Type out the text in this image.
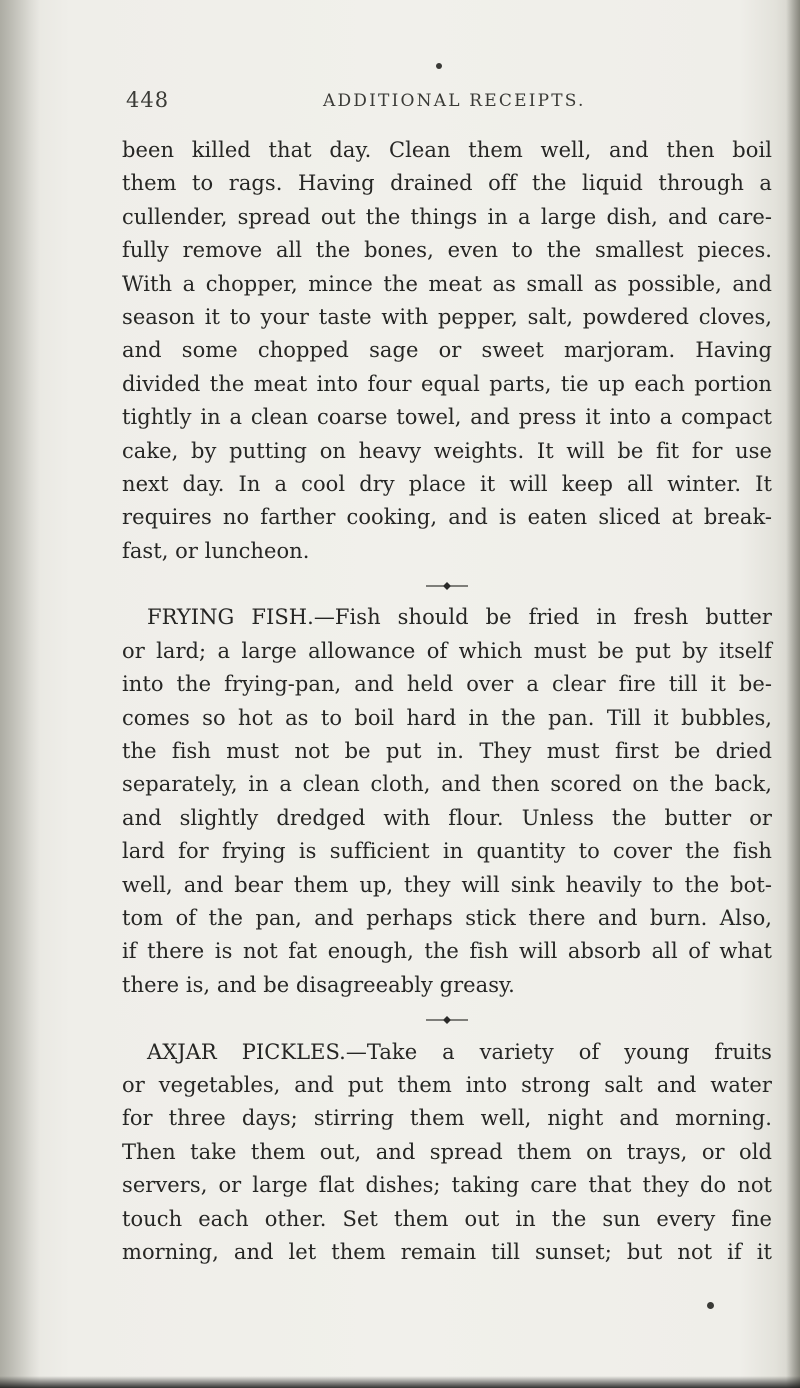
448	ADDITIONAL RECEIPTS.
been killed that day. Clean them well, and then boil
them to rags. Having drained off the liquid through a
cullender, spread out the things in a large dish, and care-
fully remove all the bones, even to the smallest pieces.
With a chopper, mince the meat as small as possible, and
season it to your taste with pepper, salt, powdered cloves,
and some chopped sage or sweet marjoram. Having
divided the meat into four equal parts, tie up each portion
tightly in a clean coarse towel, and press it into a compact
cake, by putting on heavy weights. It will be fit for use
next day. In a cool dry place it will keep all winter. It
requires no farther cooking, and is eaten sliced at break-
fast, or luncheon.
FRYING FISH.—Fish should be fried in fresh butter
or lard; a large allowance of which must be put by itself
into the frying-pan, and held over a clear fire till it be-
comes so hot as to boil hard in the pan. Till it bubbles,
the fish must not be put in. They must first be dried
separately, in a clean cloth, and then scored on the back,
and slightly dredged with flour. Unless the butter or
lard for frying is sufficient in quantity to cover the fish
well, and bear them up, they will sink heavily to the bot-
tom of the pan, and perhaps stick there and burn. Also,
if there is not fat enough, the fish will absorb all of what
there is, and be disagreeably greasy.
AXJAR PICKLES.—Take a variety of young fruits
or vegetables, and put them into strong salt and water
for three days; stirring them well, night and morning.
Then take them out, and spread them on trays, or old
servers, or large flat dishes; taking care that they do not
touch each other. Set them out in the sun every fine
morning, and let them remain till sunset; but not if it
